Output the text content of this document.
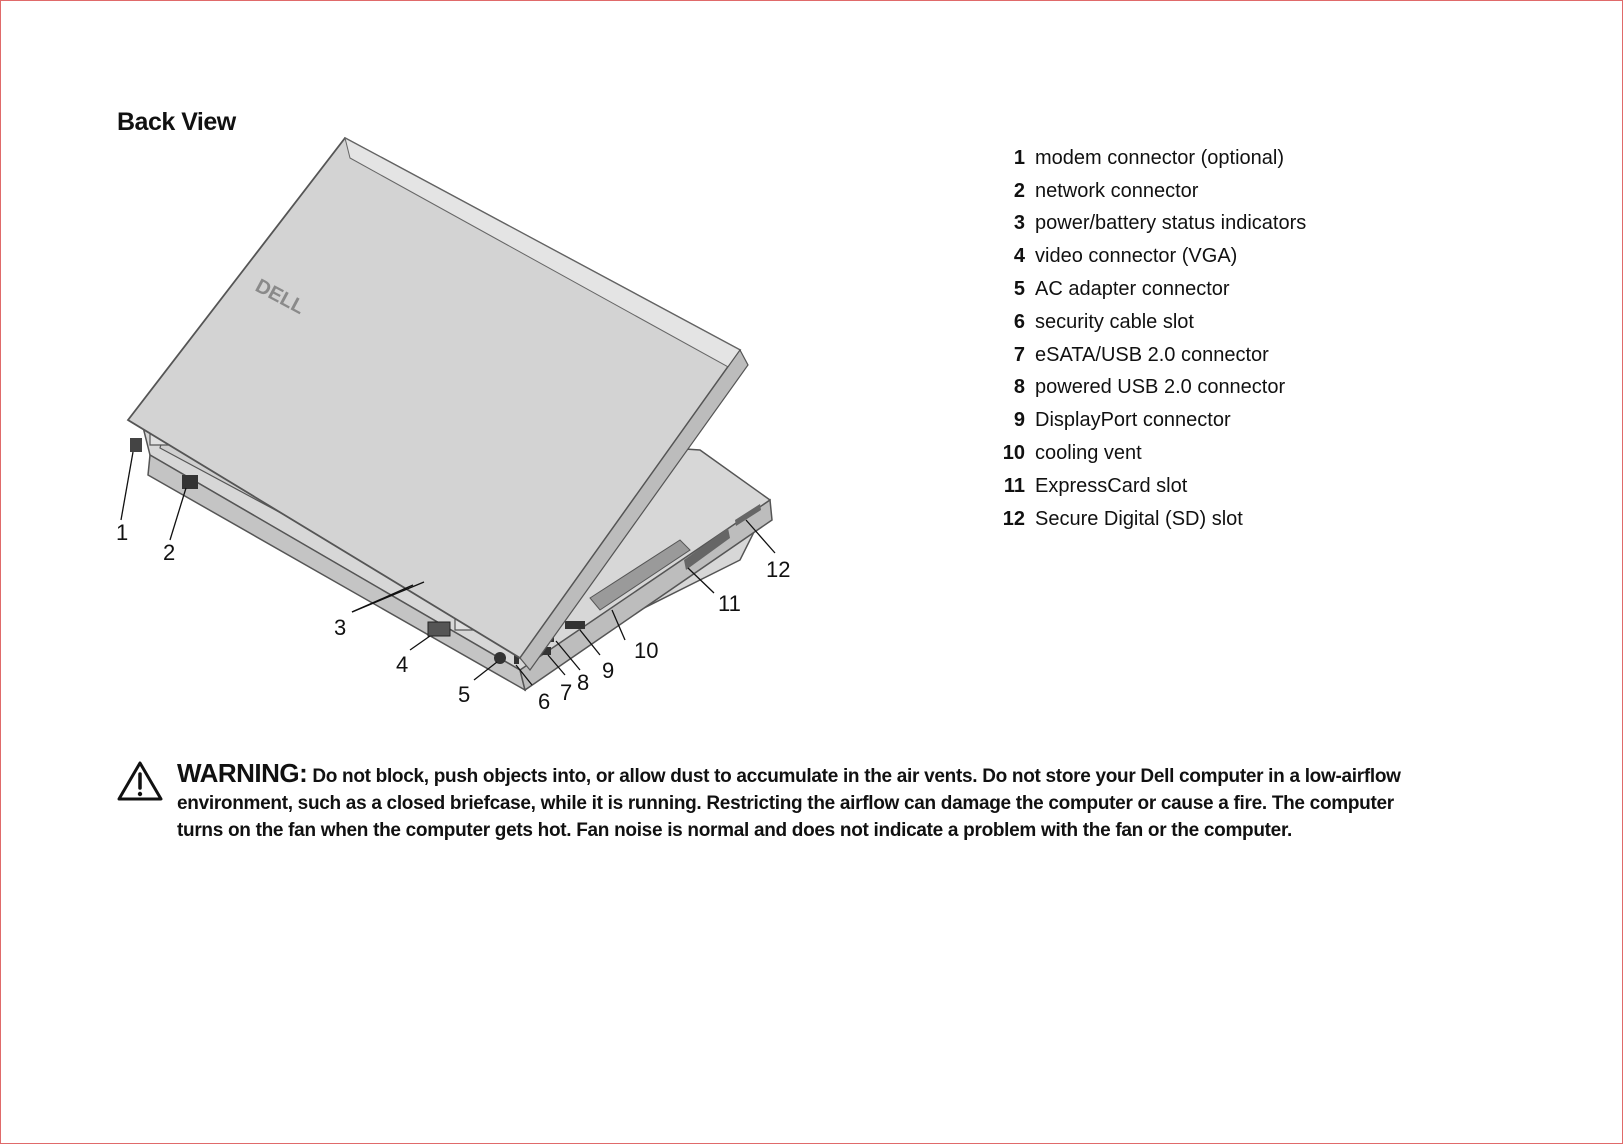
Back View
DELL
1
2
3
4
5	6 7 8 9
10
11
12
1 modem connector (optional)
2 network connector
3 power/battery status indicators
4 video connector (VGA)
5 AC adapter connector
6 security cable slot
7 eSATA/USB 2.0 connector
8 powered USB 2.0 connector
9 DisplayPort connector
10 cooling vent
11 ExpressCard slot
12 Secure Digital (SD) slot
WARNING: Do not block, push objects into, or allow dust to accumulate in the air vents. Do not store your Dell computer in a low-airflow environment, such as a closed briefcase, while it is running. Restricting the airflow can damage the computer or cause a fire. The computer turns on the fan when the computer gets hot. Fan noise is normal and does not indicate a problem with the fan or the computer.
